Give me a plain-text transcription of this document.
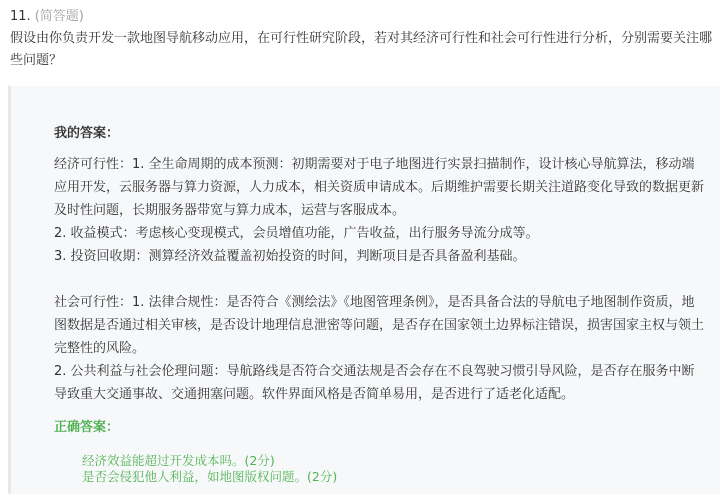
11. (简答题)
假设由你负责开发一款地图导航移动应用，在可行性研究阶段，若对其经济可行性和社会可行性进行分析，分别需要关注哪些问题？
我的答案：

经济可行性：1. 全生命周期的成本预测：初期需要对于电子地图进行实景扫描制作，设计核心导航算法，移动端应用开发，云服务器与算力资源，人力成本，相关资质申请成本。后期维护需要长期关注道路变化导致的数据更新及时性问题，长期服务器带宽与算力成本，运营与客服成本。

2. 收益模式：考虑核心变现模式，会员增值功能，广告收益，出行服务导流分成等。

3. 投资回收期：测算经济效益覆盖初始投资的时间，判断项目是否具备盈利基础。

社会可行性：1. 法律合规性：是否符合《测绘法》《地图管理条例》，是否具备合法的导航电子地图制作资质，地图数据是否通过相关审核，是否设计地理信息泄密等问题，是否存在国家领土边界标注错误，损害国家主权与领土完整性的风险。

2. 公共利益与社会伦理问题：导航路线是否符合交通法规是否会存在不良驾驶习惯引导风险，是否存在服务中断导致重大交通事故、交通拥塞问题。软件界面风格是否简单易用，是否进行了适老化适配。

正确答案：
经济效益能超过开发成本吗。(2分)
是否会侵犯他人利益，如地图版权问题。(2分)
